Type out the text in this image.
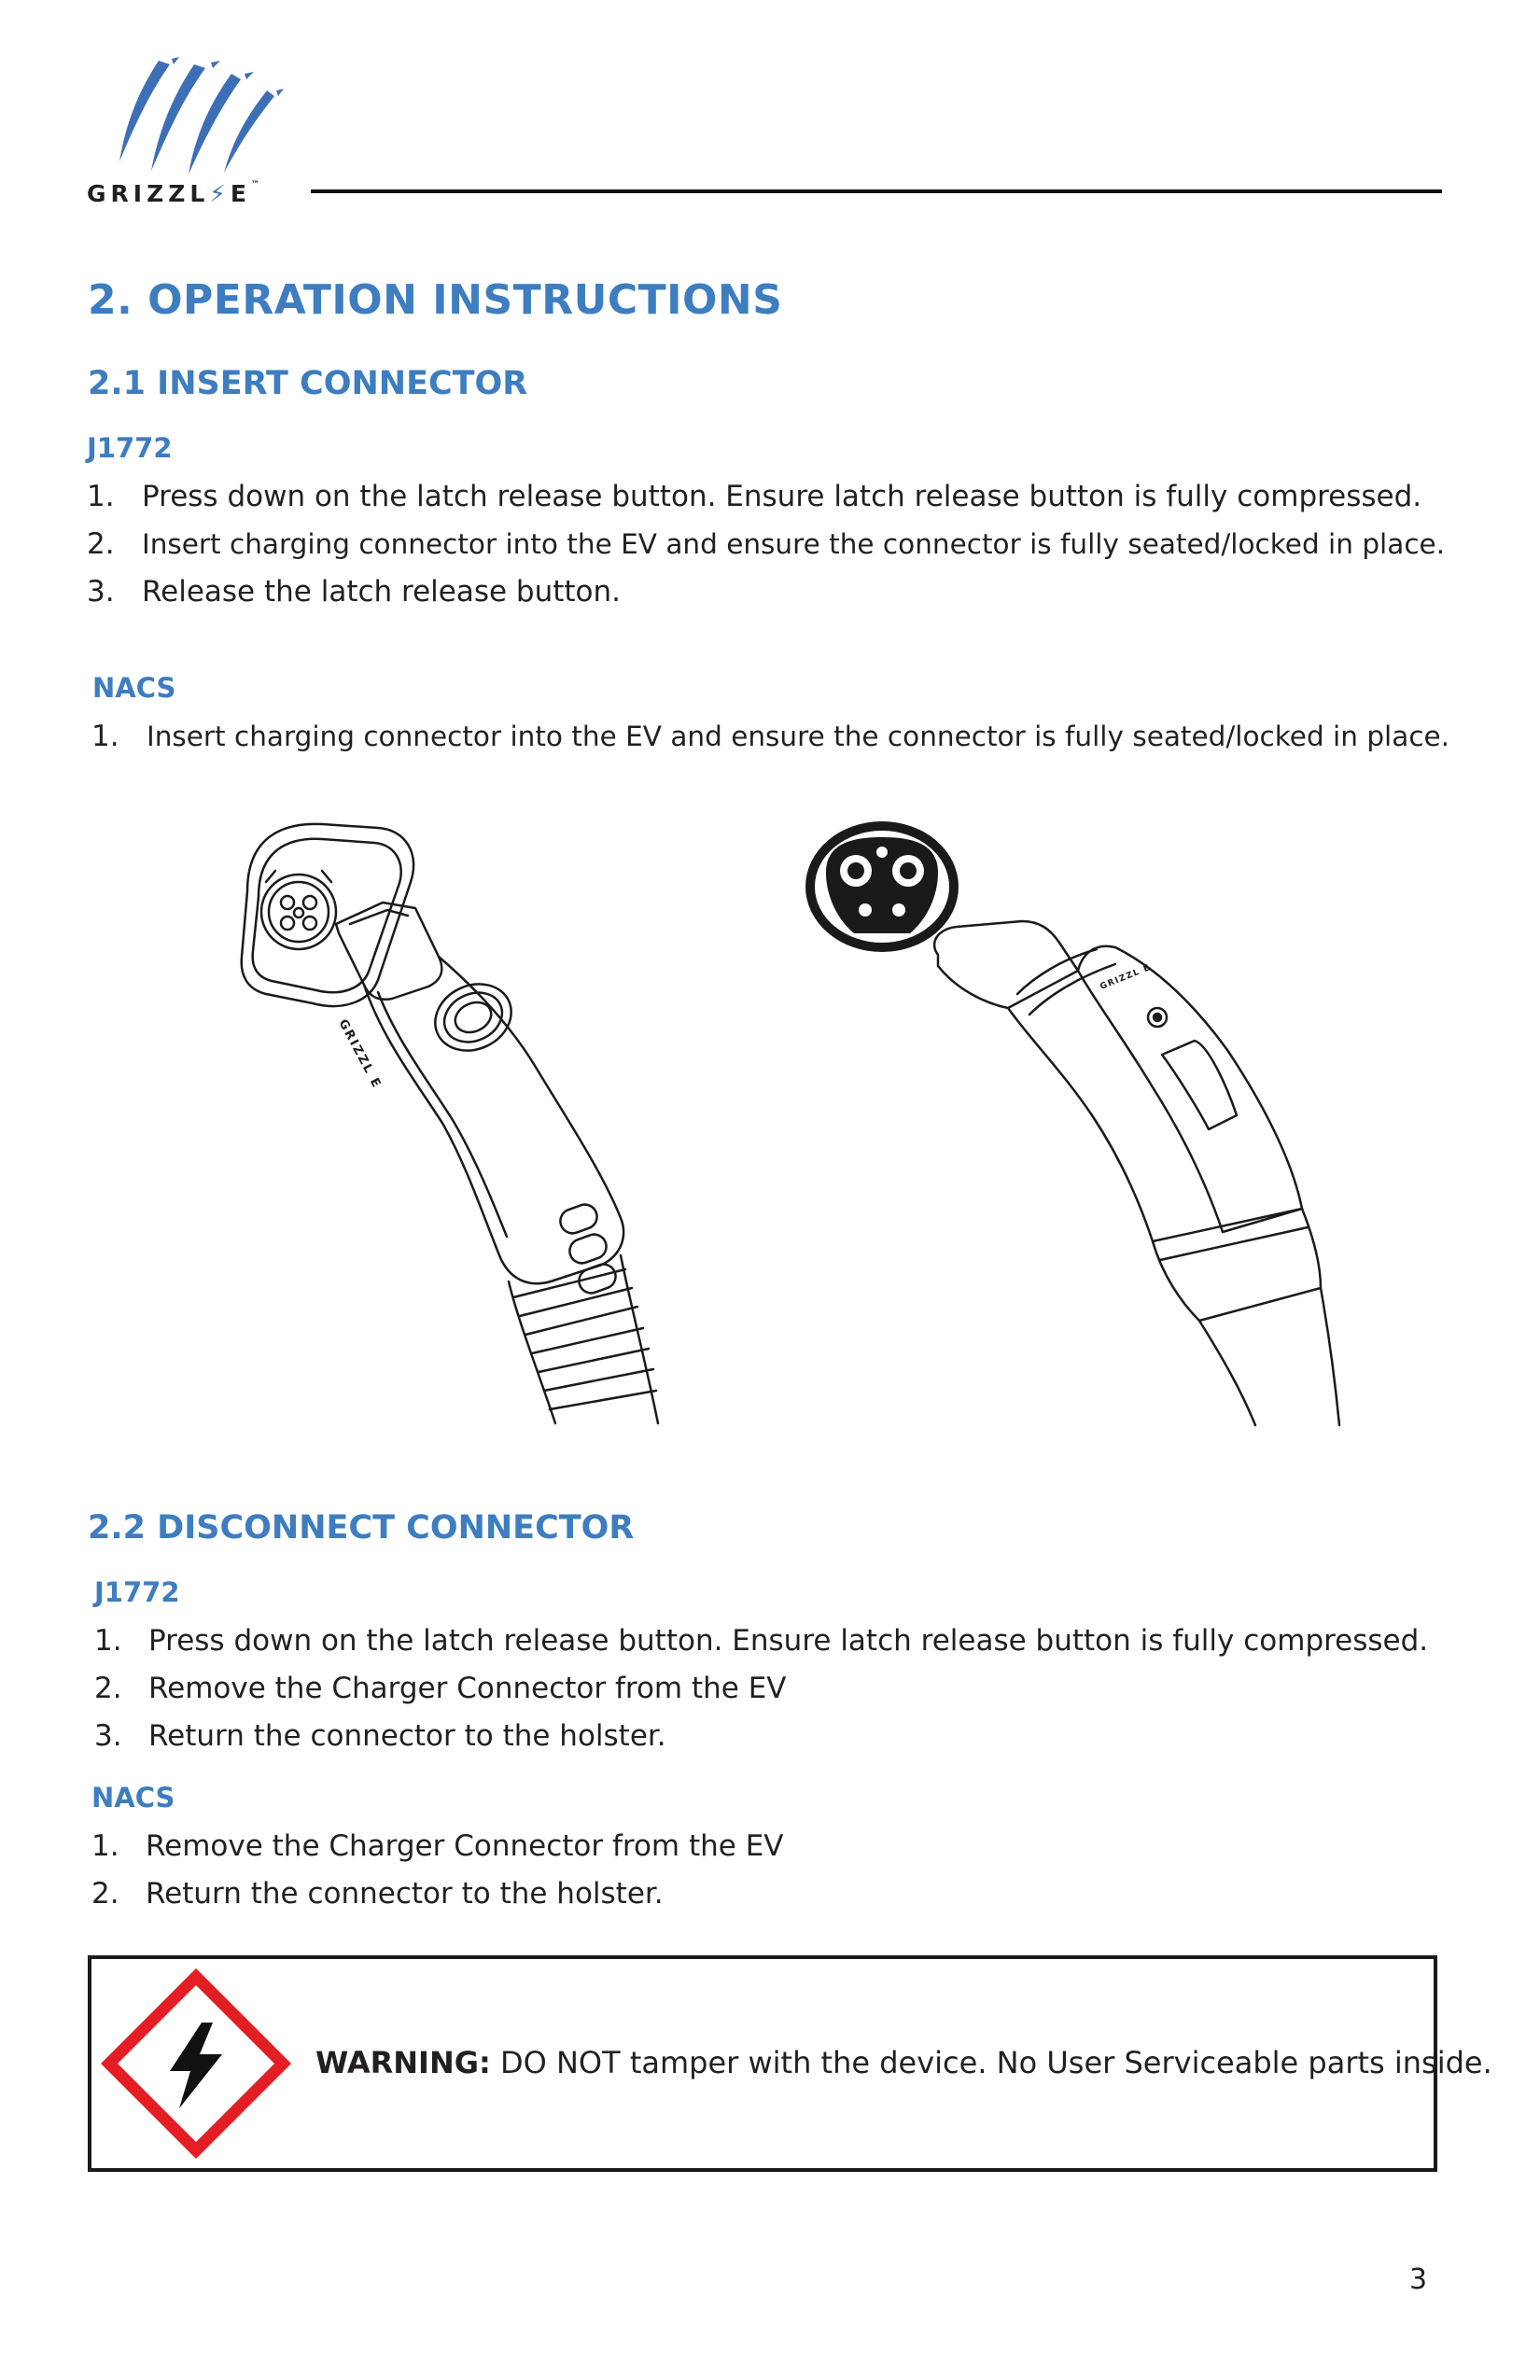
GRIZZL⚡E™
2. OPERATION INSTRUCTIONS
2.1 INSERT CONNECTOR
J1772
1. Press down on the latch release button. Ensure latch release button is fully compressed.
2. Insert charging connector into the EV and ensure the connector is fully seated/locked in place.
3. Release the latch release button.
NACS
1. Insert charging connector into the EV and ensure the connector is fully seated/locked in place.
GRIZZL E
GRIZZL E
2.2 DISCONNECT CONNECTOR
J1772
1. Press down on the latch release button. Ensure latch release button is fully compressed.
2. Remove the Charger Connector from the EV
3. Return the connector to the holster.
NACS
1. Remove the Charger Connector from the EV
2. Return the connector to the holster.
WARNING: DO NOT tamper with the device. No User Serviceable parts inside.
3
